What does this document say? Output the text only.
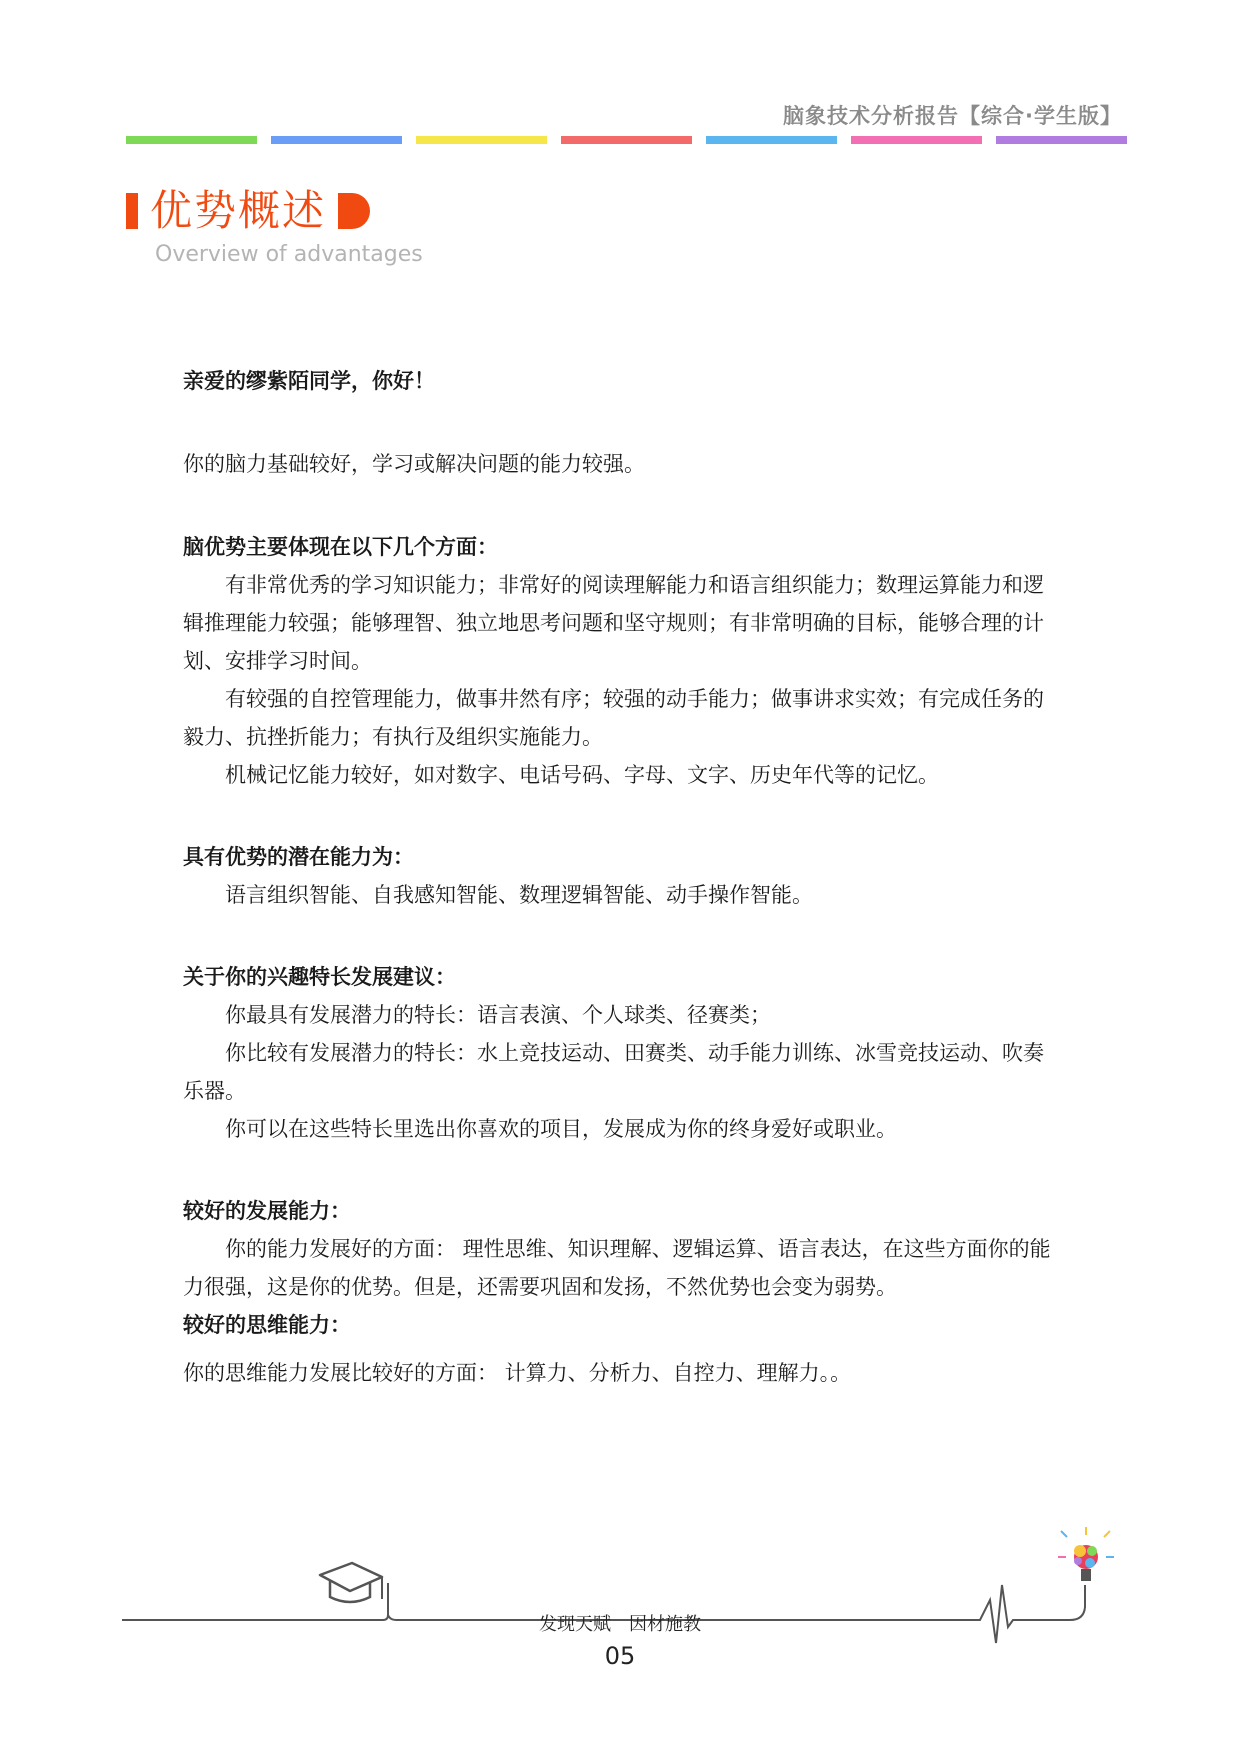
脑象技术分析报告【综合·学生版】
优势概述
Overview of advantages

亲爱的缪紫陌同学，你好！

你的脑力基础较好，学习或解决问题的能力较强。

脑优势主要体现在以下几个方面：

有非常优秀的学习知识能力；非常好的阅读理解能力和语言组织能力；数理运算能力和逻辑推理能力较强；能够理智、独立地思考问题和坚守规则；有非常明确的目标，能够合理的计划、安排学习时间。

有较强的自控管理能力，做事井然有序；较强的动手能力；做事讲求实效；有完成任务的毅力、抗挫折能力；有执行及组织实施能力。

机械记忆能力较好，如对数字、电话号码、字母、文字、历史年代等的记忆。

具有优势的潜在能力为：

语言组织智能、自我感知智能、数理逻辑智能、动手操作智能。

关于你的兴趣特长发展建议：

你最具有发展潜力的特长：语言表演、个人球类、径赛类；

你比较有发展潜力的特长：水上竞技运动、田赛类、动手能力训练、冰雪竞技运动、吹奏乐器。

你可以在这些特长里选出你喜欢的项目，发展成为你的终身爱好或职业。

较好的发展能力：

你的能力发展好的方面： 理性思维、知识理解、逻辑运算、语言表达，在这些方面你的能力很强，这是你的优势。但是，还需要巩固和发扬，不然优势也会变为弱势。

较好的思维能力：

你的思维能力发展比较好的方面： 计算力、分析力、自控力、理解力。。

发现天赋　因材施教
05
